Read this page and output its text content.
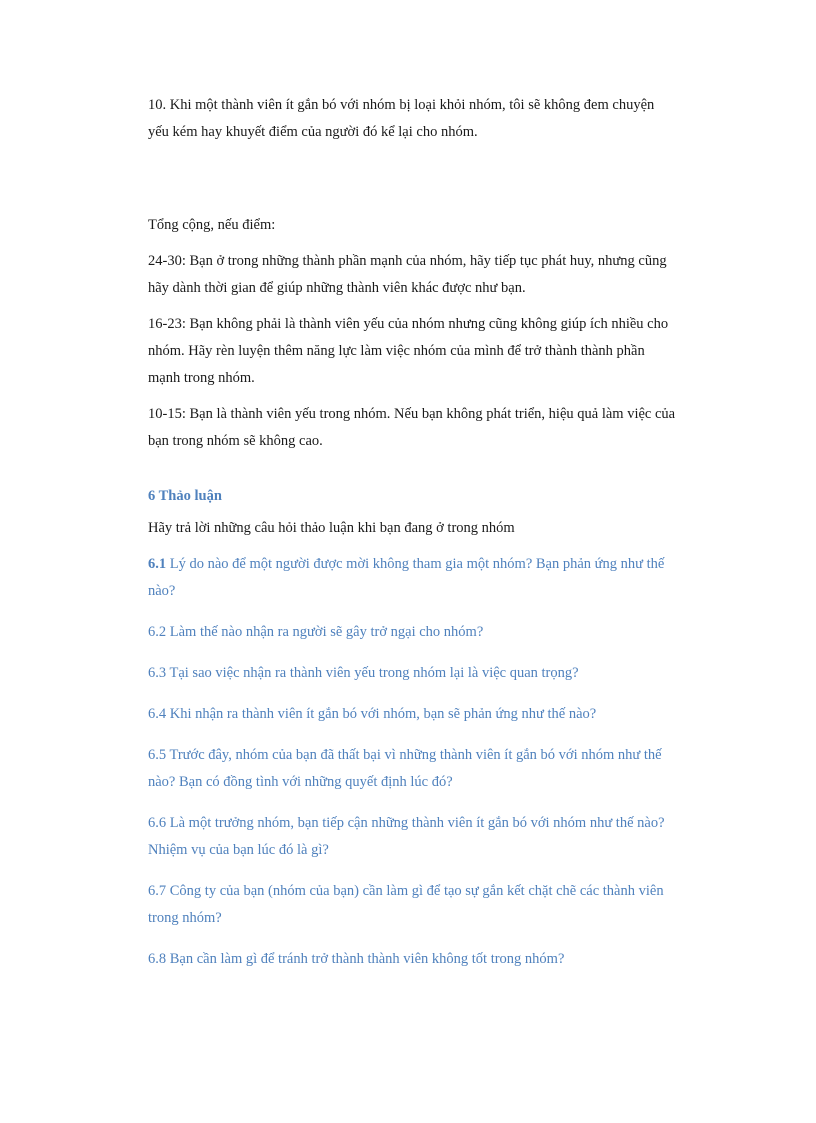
10. Khi một thành viên ít gắn bó với nhóm bị loại khỏi nhóm, tôi sẽ không đem chuyện yếu kém hay khuyết điểm của người đó kể lại cho nhóm.

Tổng cộng, nếu điểm:

24-30: Bạn ở trong những thành phần mạnh của nhóm, hãy tiếp tục phát huy, nhưng cũng hãy dành thời gian để giúp những thành viên khác được như bạn.

16-23: Bạn không phải là thành viên yếu của nhóm nhưng cũng không giúp ích nhiều cho nhóm. Hãy rèn luyện thêm năng lực làm việc nhóm của mình để trở thành thành phần mạnh trong nhóm.

10-15: Bạn là thành viên yếu trong nhóm. Nếu bạn không phát triển, hiệu quả làm việc của bạn trong nhóm sẽ không cao.

6 Thảo luận

Hãy trả lời những câu hỏi thảo luận khi bạn đang ở trong nhóm

6.1 Lý do nào để một người được mời không tham gia một nhóm? Bạn phản ứng như thế nào?

6.2 Làm thế nào nhận ra người sẽ gây trở ngại cho nhóm?

6.3 Tại sao việc nhận ra thành viên yếu trong nhóm lại là việc quan trọng?

6.4 Khi nhận ra thành viên ít gắn bó với nhóm, bạn sẽ phản ứng như thế nào?

6.5 Trước đây, nhóm của bạn đã thất bại vì những thành viên ít gắn bó với nhóm như thế nào? Bạn có đồng tình với những quyết định lúc đó?

6.6 Là một trưởng nhóm, bạn tiếp cận những thành viên ít gắn bó với nhóm như thế nào? Nhiệm vụ của bạn lúc đó là gì?

6.7 Công ty của bạn (nhóm của bạn) cần làm gì để tạo sự gắn kết chặt chẽ các thành viên trong nhóm?

6.8 Bạn cần làm gì để tránh trở thành thành viên không tốt trong nhóm?
